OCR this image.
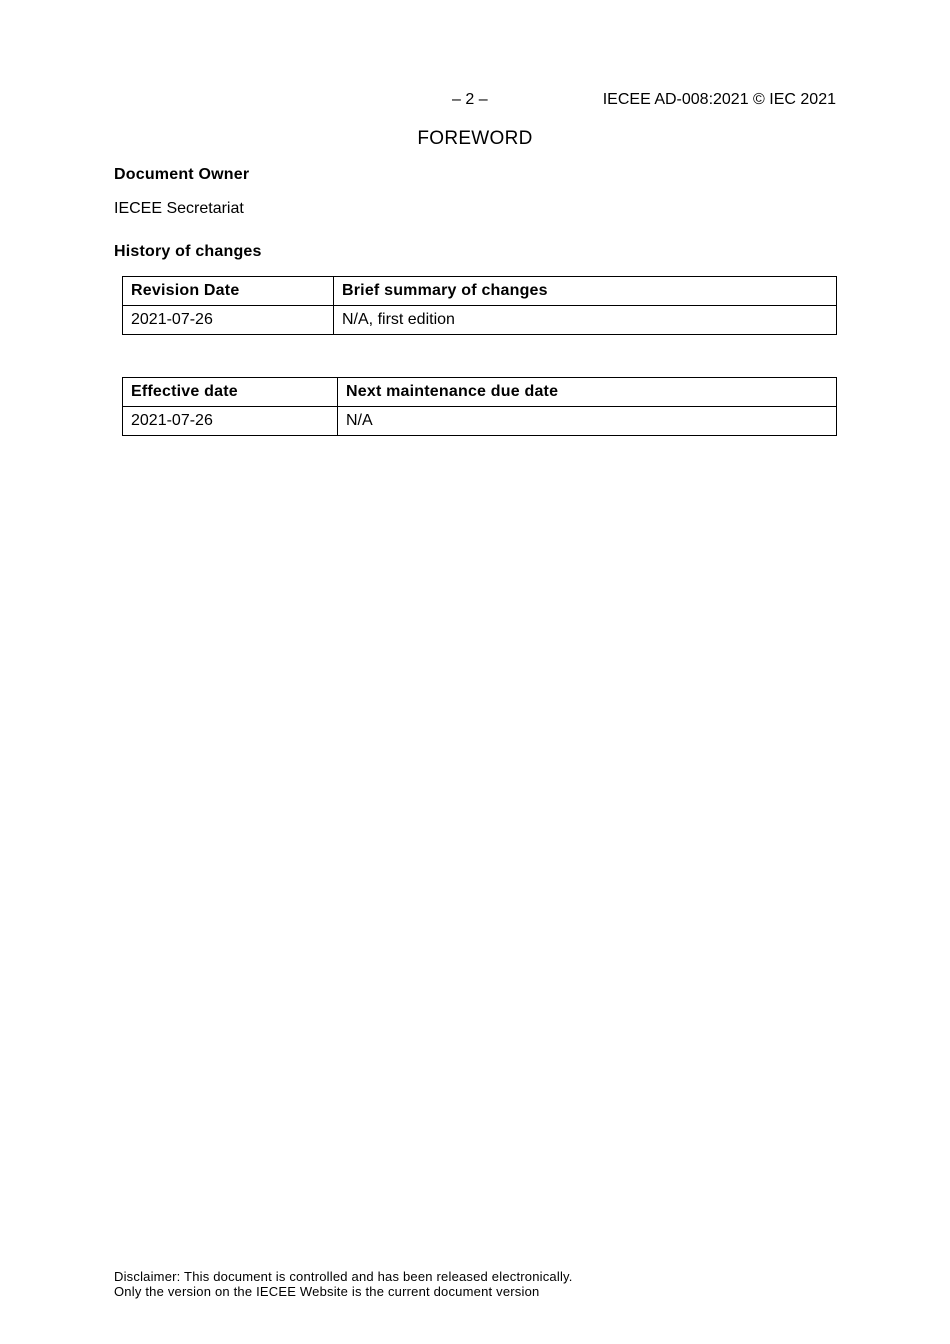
– 2 –	IECEE AD-008:2021 © IEC 2021
FOREWORD
Document Owner
IECEE Secretariat
History of changes
Revision Date	Brief summary of changes
2021-07-26	N/A, first edition
Effective date	Next maintenance due date
2021-07-26	N/A
Disclaimer: This document is controlled and has been released electronically.
Only the version on the IECEE Website is the current document version
